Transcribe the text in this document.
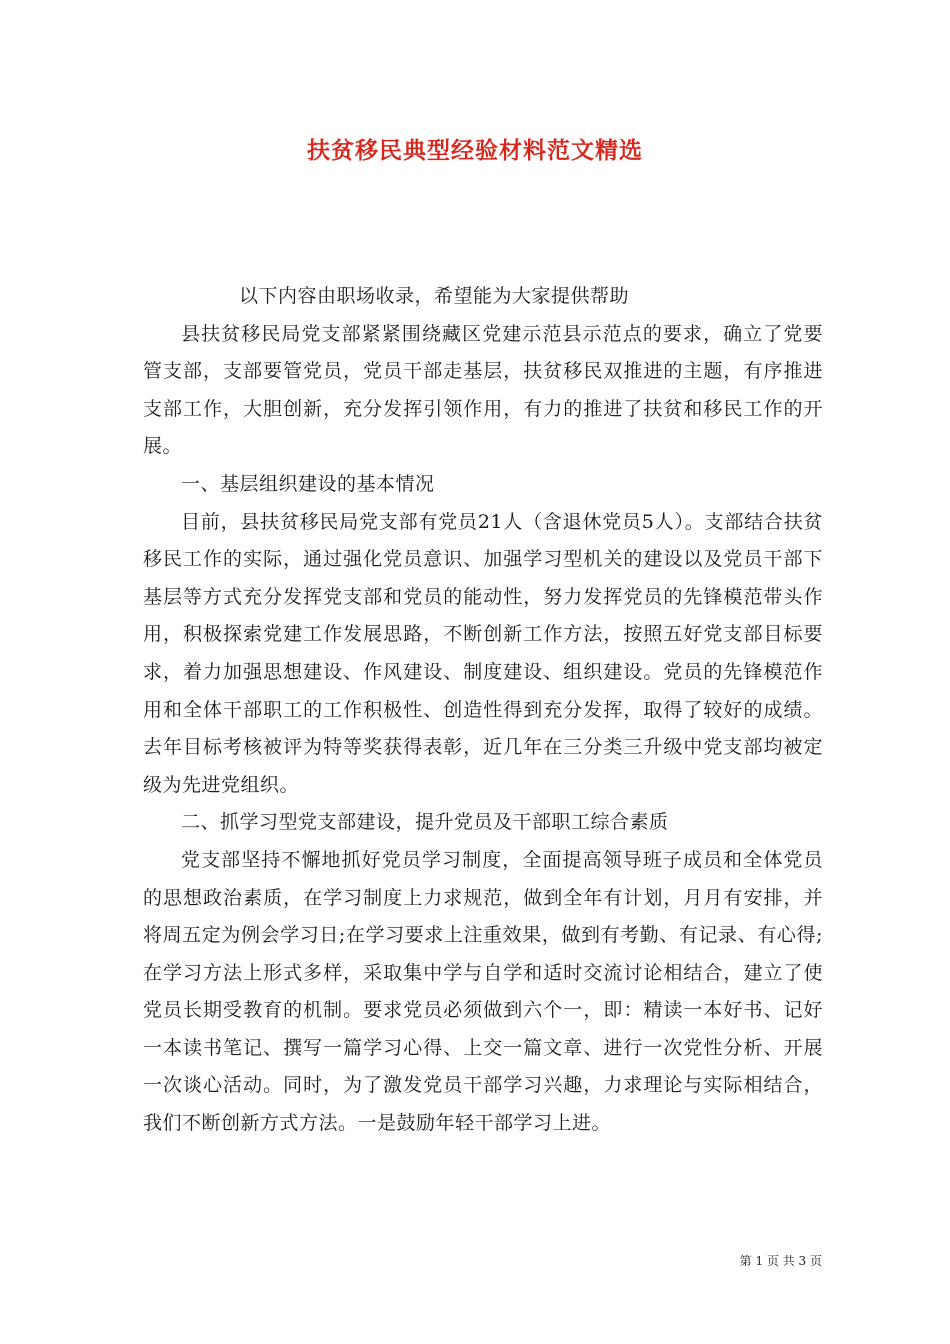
扶贫移民典型经验材料范文精选

以下内容由职场收录，希望能为大家提供帮助

县扶贫移民局党支部紧紧围绕藏区党建示范县示范点的要求，确立了党要管支部，支部要管党员，党员干部走基层，扶贫移民双推进的主题，有序推进支部工作，大胆创新，充分发挥引领作用，有力的推进了扶贫和移民工作的开展。

一、基层组织建设的基本情况

目前，县扶贫移民局党支部有党员21人（含退休党员5人）。支部结合扶贫移民工作的实际，通过强化党员意识、加强学习型机关的建设以及党员干部下基层等方式充分发挥党支部和党员的能动性，努力发挥党员的先锋模范带头作用，积极探索党建工作发展思路，不断创新工作方法，按照五好党支部目标要求，着力加强思想建设、作风建设、制度建设、组织建设。党员的先锋模范作用和全体干部职工的工作积极性、创造性得到充分发挥，取得了较好的成绩。去年目标考核被评为特等奖获得表彰，近几年在三分类三升级中党支部均被定级为先进党组织。

二、抓学习型党支部建设，提升党员及干部职工综合素质

党支部坚持不懈地抓好党员学习制度，全面提高领导班子成员和全体党员的思想政治素质，在学习制度上力求规范，做到全年有计划，月月有安排，并将周五定为例会学习日;在学习要求上注重效果，做到有考勤、有记录、有心得;在学习方法上形式多样，采取集中学与自学和适时交流讨论相结合，建立了使党员长期受教育的机制。要求党员必须做到六个一，即：精读一本好书、记好一本读书笔记、撰写一篇学习心得、上交一篇文章、进行一次党性分析、开展一次谈心活动。同时，为了激发党员干部学习兴趣，力求理论与实际相结合，我们不断创新方式方法。一是鼓励年轻干部学习上进。

第 1 页 共 3 页
